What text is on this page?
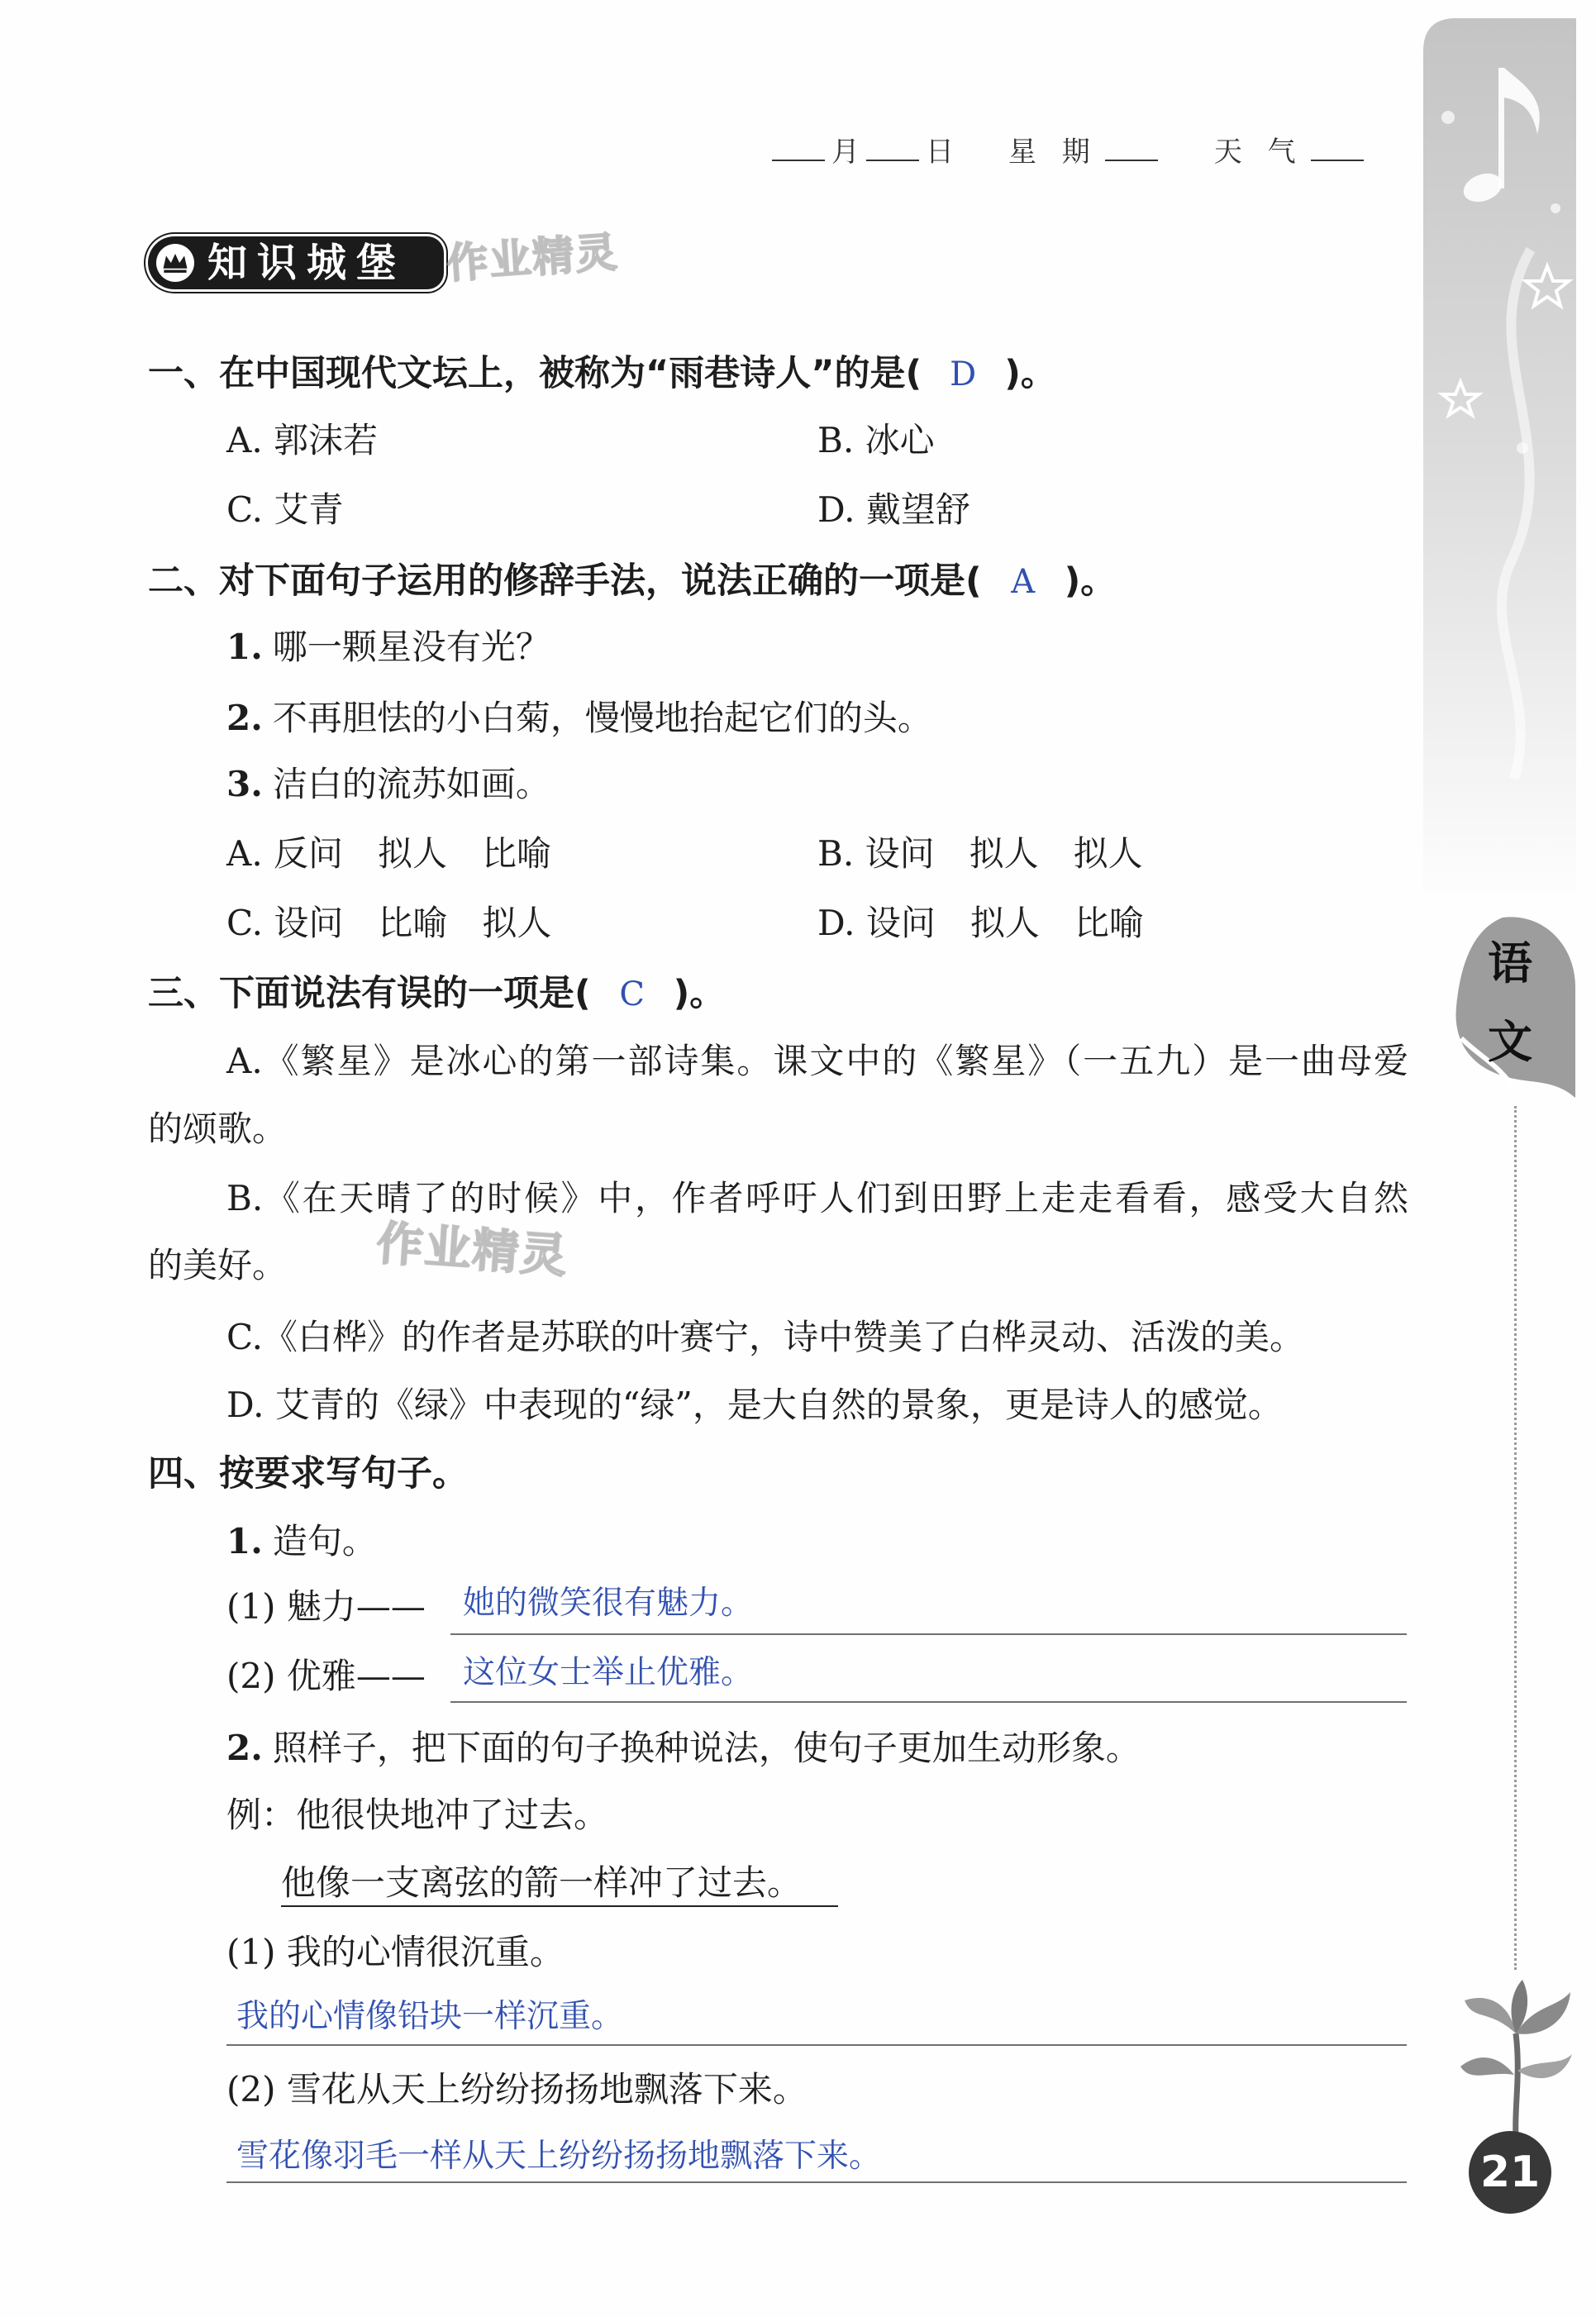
月 日 星 期	天 气
知识城堡 作业精灵
作业精灵
一、在中国现代文坛上，被称为“雨巷诗人”的是( D )。
A. 郭沫若	B. 冰心
C. 艾青	D. 戴望舒
二、对下面句子运用的修辞手法，说法正确的一项是( A )。
1. 哪一颗星没有光？
2. 不再胆怯的小白菊，慢慢地抬起它们的头。
3. 洁白的流苏如画。
A. 反问　拟人　比喻	B. 设问　拟人　拟人
C. 设问　比喻　拟人	D. 设问　拟人　比喻
三、下面说法有误的一项是( C )。
A.《繁星》是冰心的第一部诗集。课文中的《繁星》（一五九）是一曲母爱
的颂歌。
B.《在天晴了的时候》中，作者呼吁人们到田野上走走看看，感受大自然
的美好。
C.《白桦》的作者是苏联的叶赛宁，诗中赞美了白桦灵动、活泼的美。
D. 艾青的《绿》中表现的“绿”，是大自然的景象，更是诗人的感觉。
四、按要求写句子。
1. 造句。
(1) 魅力—— 她的微笑很有魅力。
(2) 优雅—— 这位女士举止优雅。
2. 照样子，把下面的句子换种说法，使句子更加生动形象。
例：他很快地冲了过去。
他像一支离弦的箭一样冲了过去。
(1) 我的心情很沉重。
我的心情像铅块一样沉重。
(2) 雪花从天上纷纷扬扬地飘落下来。
雪花像羽毛一样从天上纷纷扬扬地飘落下来。
语
文
21
